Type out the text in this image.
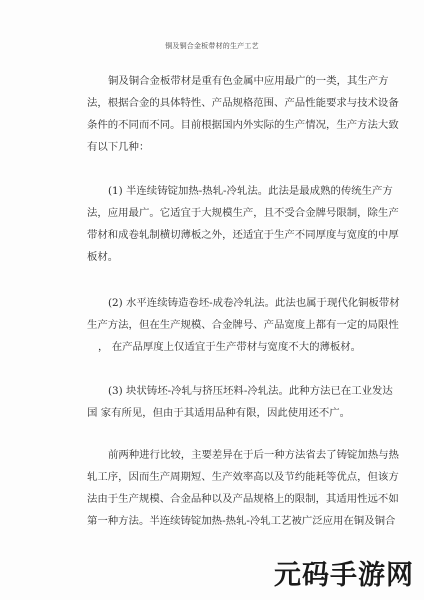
铜及铜合金板带材的生产工艺
铜及铜合金板带材是重有色金属中应用最广的一类，其生产方
法，根据合金的具体特性、产品规格范围、产品性能要求与技术设备
条件的不同而不同。目前根据国内外实际的生产情况，生产方法大致
有以下几种：
(1) 半连续铸锭加热-热轧-冷轧法。此法是最成熟的传统生产方
法，应用最广。它适宜于大规模生产，且不受合金牌号限制，除生产
带材和成卷轧制横切薄板之外，还适宜于生产不同厚度与宽度的中厚
板材。
(2) 水平连续铸造卷坯-成卷冷轧法。此法也属于现代化铜板带材
生产方法，但在生产规模、合金牌号、产品宽度上都有一定的局限性
， 在产品厚度上仅适宜于生产带材与宽度不大的薄板材。
(3) 块状铸坯-冷轧与挤压坯料-冷轧法。此种方法已在工业发达
国 家有所见，但由于其适用品种有限，因此使用还不广。
前两种进行比较，主要差异在于后一种方法省去了铸锭加热与热
轧工序，因而生产周期短、生产效率高以及节约能耗等优点，但该方
法由于生产规模、合金品种以及产品规格上的限制，其适用性远不如
第一种方法。半连续铸锭加热-热轧-冷轧工艺被广泛应用在铜及铜合
元码手游网
